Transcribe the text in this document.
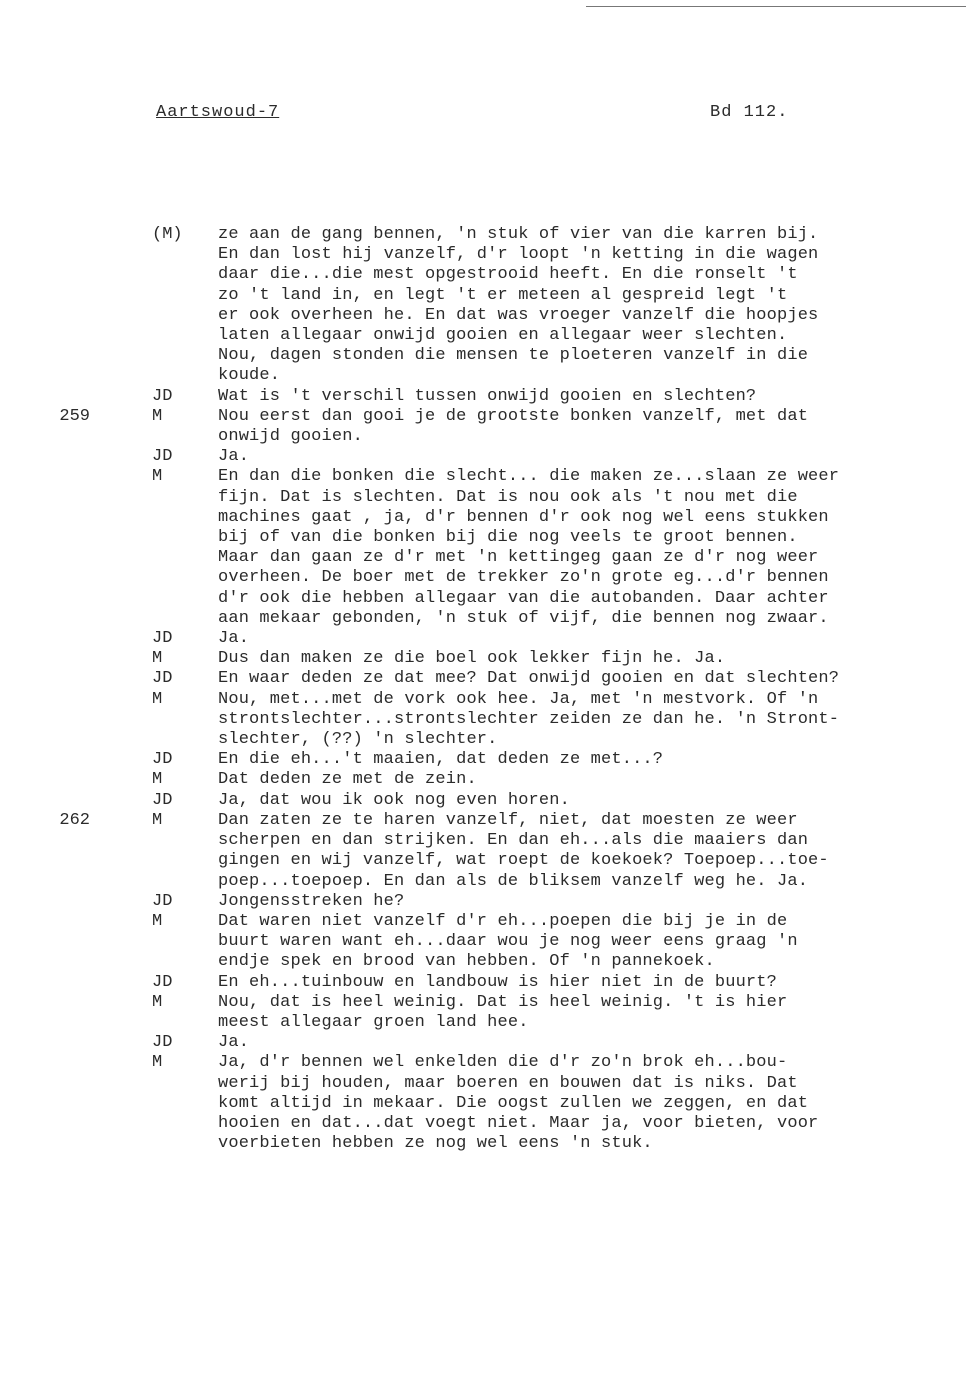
Aartswoud-7	Bd 112.
(M)	ze aan de gang bennen, 'n stuk of vier van die karren bij.
En dan lost hij vanzelf, d'r loopt 'n ketting in die wagen
daar die...die mest opgestrooid heeft. En die ronselt 't
zo 't land in, en legt 't er meteen al gespreid legt 't
er ook overheen he. En dat was vroeger vanzelf die hoopjes
laten allegaar onwijd gooien en allegaar weer slechten.
Nou, dagen stonden die mensen te ploeteren vanzelf in die
koude.
JD	Wat is 't verschil tussen onwijd gooien en slechten?
259	M	Nou eerst dan gooi je de grootste bonken vanzelf, met dat
onwijd gooien.
JD	Ja.
M	En dan die bonken die slecht... die maken ze...slaan ze weer
fijn. Dat is slechten. Dat is nou ook als 't nou met die
machines gaat , ja, d'r bennen d'r ook nog wel eens stukken
bij of van die bonken bij die nog veels te groot bennen.
Maar dan gaan ze d'r met 'n kettingeg gaan ze d'r nog weer
overheen. De boer met de trekker zo'n grote eg...d'r bennen
d'r ook die hebben allegaar van die autobanden. Daar achter
aan mekaar gebonden, 'n stuk of vijf, die bennen nog zwaar.
JD	Ja.
M	Dus dan maken ze die boel ook lekker fijn he. Ja.
JD	En waar deden ze dat mee? Dat onwijd gooien en dat slechten?
M	Nou, met...met de vork ook hee. Ja, met 'n mestvork. Of 'n
strontslechter...strontslechter zeiden ze dan he. 'n Stront-
slechter, (??) 'n slechter.
JD	En die eh...'t maaien, dat deden ze met...?
M	Dat deden ze met de zein.
JD	Ja, dat wou ik ook nog even horen.
262	M	Dan zaten ze te haren vanzelf, niet, dat moesten ze weer
scherpen en dan strijken. En dan eh...als die maaiers dan
gingen en wij vanzelf, wat roept de koekoek? Toepoep...toe-
poep...toepoep. En dan als de bliksem vanzelf weg he. Ja.
JD	Jongensstreken he?
M	Dat waren niet vanzelf d'r eh...poepen die bij je in de
buurt waren want eh...daar wou je nog weer eens graag 'n
endje spek en brood van hebben. Of 'n pannekoek.
JD	En eh...tuinbouw en landbouw is hier niet in de buurt?
M	Nou, dat is heel weinig. Dat is heel weinig. 't is hier
meest allegaar groen land hee.
JD	Ja.
M	Ja, d'r bennen wel enkelden die d'r zo'n brok eh...bou-
werij bij houden, maar boeren en bouwen dat is niks. Dat
komt altijd in mekaar. Die oogst zullen we zeggen, en dat
hooien en dat...dat voegt niet. Maar ja, voor bieten, voor
voerbieten hebben ze nog wel eens 'n stuk.
